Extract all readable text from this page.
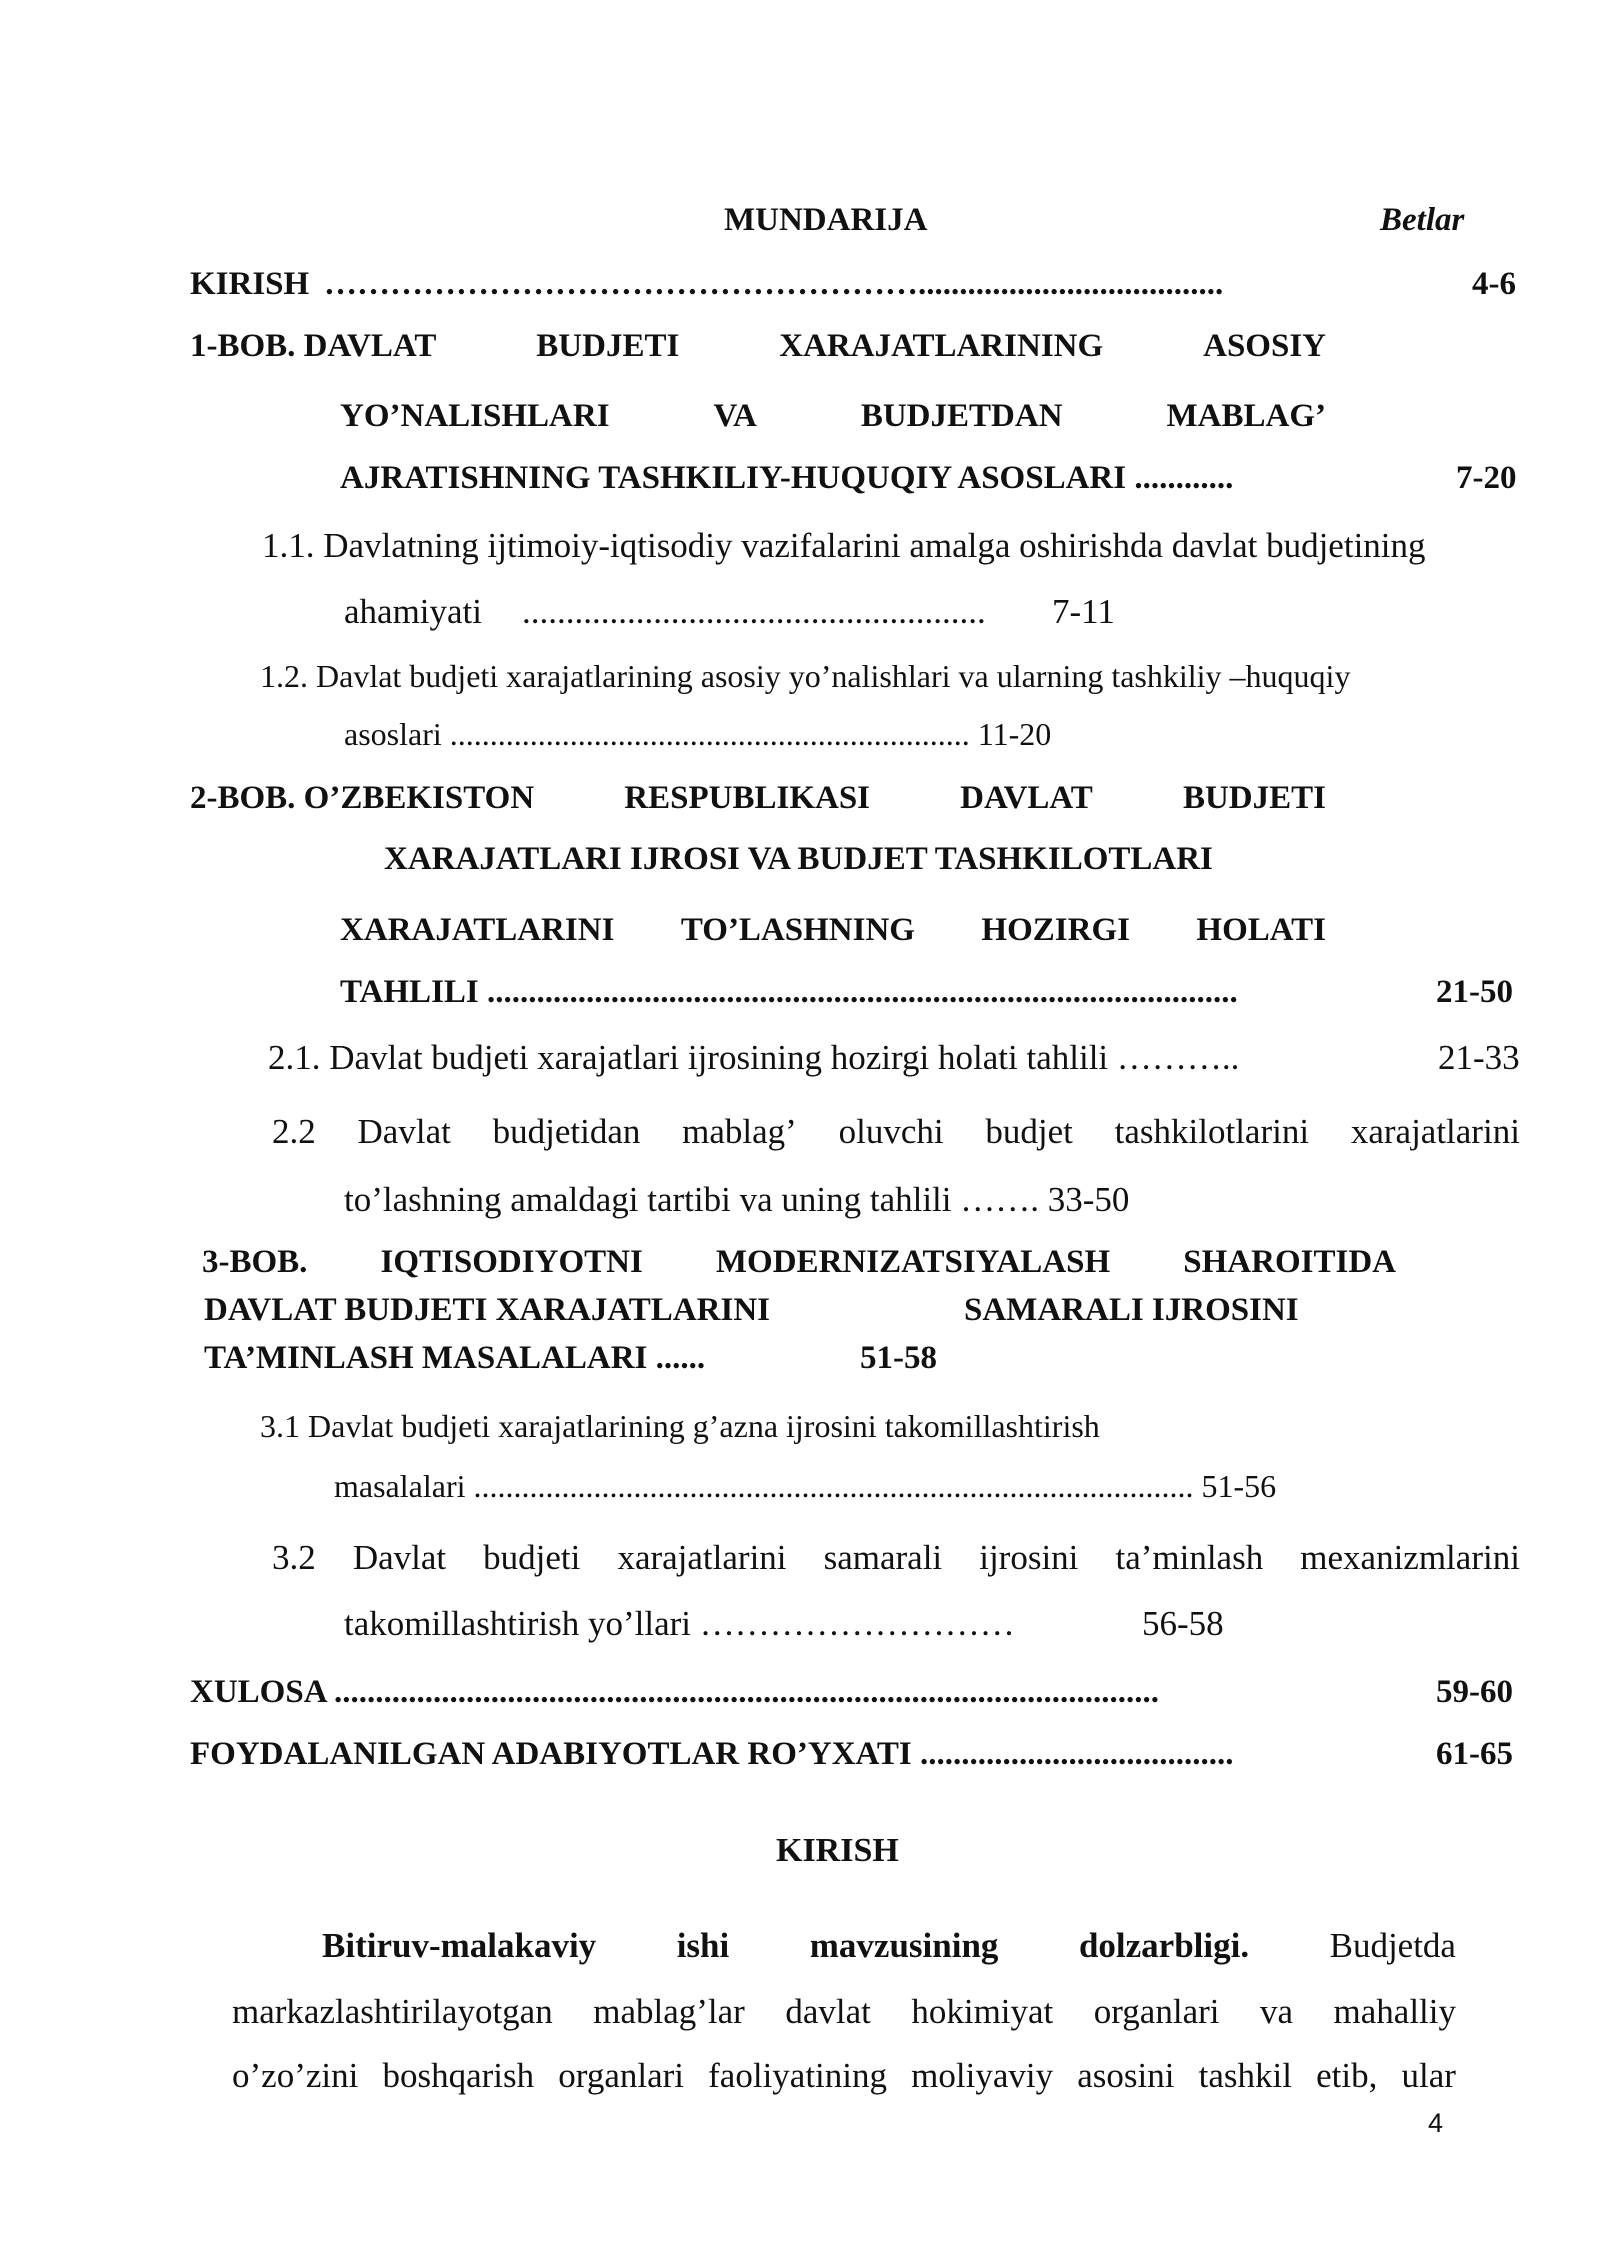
MUNDARIJA	Betlar
KIRISH ……………………………………………….....................................	4-6
1-BOB. DAVLAT	BUDJETI	XARAJATLARINING	ASOSIY
YO’NALISHLARI	VA	BUDJETDAN	MABLAG’
AJRATISHNING TASHKILIY-HUQUQIY ASOSLARI ............	7-20
1.1. Davlatning ijtimoiy-iqtisodiy vazifalarini amalga oshirishda davlat budjetining
ahamiyati .....................................................	7-11
1.2. Davlat budjeti xarajatlarining asosiy yo’nalishlari va ularning tashkiliy –huquqiy
asoslari ................................................................. 11-20
2-BOB. O’ZBEKISTON	RESPUBLIKASI	DAVLAT	BUDJETI
XARAJATLARI IJROSI VA BUDJET TASHKILOTLARI
XARAJATLARINI TO’LASHNING HOZIRGI HOLATI
TAHLILI ...........................................................................................	21-50
2.1. Davlat budjeti xarajatlari ijrosining hozirgi holati tahlili ………..	21-33
2.2 Davlat budjetidan mablag’ oluvchi budjet tashkilotlarini xarajatlarini
to’lashning amaldagi tartibi va uning tahlili ……. 33-50
3-BOB. IQTISODIYOTNI MODERNIZATSIYALASH SHAROITIDA
DAVLAT BUDJETI XARAJATLARINI	SAMARALI IJROSINI
TA’MINLASH MASALALARI ......	51-58
3.1 Davlat budjeti xarajatlarining g’azna ijrosini takomillashtirish
masalalari .......................................................................................... 51-56
3.2 Davlat budjeti xarajatlarini samarali ijrosini ta’minlash mexanizmlarini
takomillashtirish yo’llari ………………………	56-58
XULOSA ....................................................................................................	59-60
FOYDALANILGAN ADABIYOTLAR RO’YXATI ......................................	61-65
KIRISH
Bitiruv-malakaviy ishi mavzusining dolzarbligi. Budjetda
markazlashtirilayotgan mablag’lar davlat hokimiyat organlari va mahalliy
o’zo’zini boshqarish organlari faoliyatining moliyaviy asosini tashkil etib, ular
4
